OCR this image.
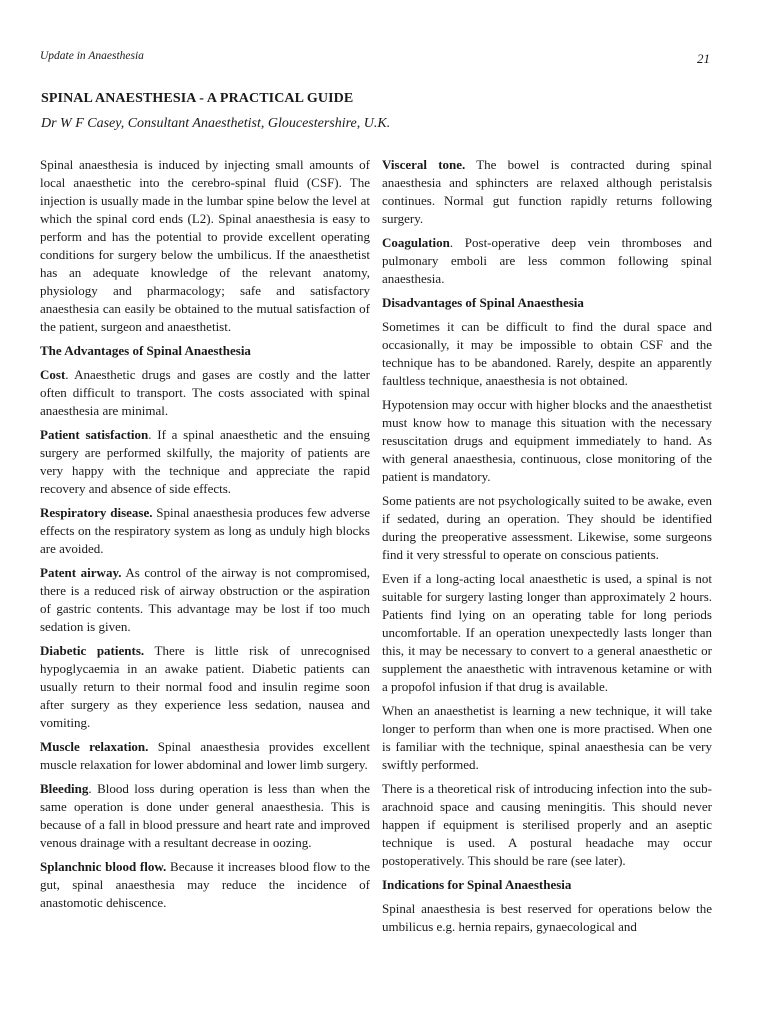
Update in Anaesthesia	21
SPINAL ANAESTHESIA - A PRACTICAL GUIDE
Dr W F Casey, Consultant Anaesthetist, Gloucestershire, U.K.

Spinal anaesthesia is induced by injecting small amounts of local anaesthetic into the cerebro-spinal fluid (CSF). The injection is usually made in the lumbar spine below the level at which the spinal cord ends (L2). Spinal anaesthesia is easy to perform and has the potential to provide excellent operating conditions for surgery below the umbilicus. If the anaesthetist has an adequate knowledge of the relevant anatomy, physiology and pharmacology; safe and satisfactory anaesthesia can easily be obtained to the mutual satisfaction of the patient, surgeon and anaesthetist.

The Advantages of Spinal Anaesthesia

Cost. Anaesthetic drugs and gases are costly and the latter often difficult to transport. The costs associated with spinal anaesthesia are minimal.

Patient satisfaction. If a spinal anaesthetic and the ensuing surgery are performed skilfully, the majority of patients are very happy with the technique and appreciate the rapid recovery and absence of side effects.

Respiratory disease. Spinal anaesthesia produces few adverse effects on the respiratory system as long as unduly high blocks are avoided.

Patent airway. As control of the airway is not compromised, there is a reduced risk of airway obstruction or the aspiration of gastric contents. This advantage may be lost if too much sedation is given.

Diabetic patients. There is little risk of unrecognised hypoglycaemia in an awake patient. Diabetic patients can usually return to their normal food and insulin regime soon after surgery as they experience less sedation, nausea and vomiting.

Muscle relaxation. Spinal anaesthesia provides excellent muscle relaxation for lower abdominal and lower limb surgery.

Bleeding. Blood loss during operation is less than when the same operation is done under general anaesthesia. This is because of a fall in blood pressure and heart rate and improved venous drainage with a resultant decrease in oozing.

Splanchnic blood flow. Because it increases blood flow to the gut, spinal anaesthesia may reduce the incidence of anastomotic dehiscence.

Visceral tone. The bowel is contracted during spinal anaesthesia and sphincters are relaxed although peristalsis continues. Normal gut function rapidly returns following surgery.

Coagulation. Post-operative deep vein thromboses and pulmonary emboli are less common following spinal anaesthesia.

Disadvantages of Spinal Anaesthesia

Sometimes it can be difficult to find the dural space and occasionally, it may be impossible to obtain CSF and the technique has to be abandoned. Rarely, despite an apparently faultless technique, anaesthesia is not obtained.

Hypotension may occur with higher blocks and the anaesthetist must know how to manage this situation with the necessary resuscitation drugs and equipment immediately to hand. As with general anaesthesia, continuous, close monitoring of the patient is mandatory.

Some patients are not psychologically suited to be awake, even if sedated, during an operation. They should be identified during the preoperative assessment. Likewise, some surgeons find it very stressful to operate on conscious patients.

Even if a long-acting local anaesthetic is used, a spinal is not suitable for surgery lasting longer than approximately 2 hours. Patients find lying on an operating table for long periods uncomfortable. If an operation unexpectedly lasts longer than this, it may be necessary to convert to a general anaesthetic or supplement the anaesthetic with intravenous ketamine or with a propofol infusion if that drug is available.

When an anaesthetist is learning a new technique, it will take longer to perform than when one is more practised. When one is familiar with the technique, spinal anaesthesia can be very swiftly performed.

There is a theoretical risk of introducing infection into the sub-arachnoid space and causing meningitis. This should never happen if equipment is sterilised properly and an aseptic technique is used. A postural headache may occur postoperatively. This should be rare (see later).

Indications for Spinal Anaesthesia

Spinal anaesthesia is best reserved for operations below the umbilicus e.g. hernia repairs, gynaecological and
